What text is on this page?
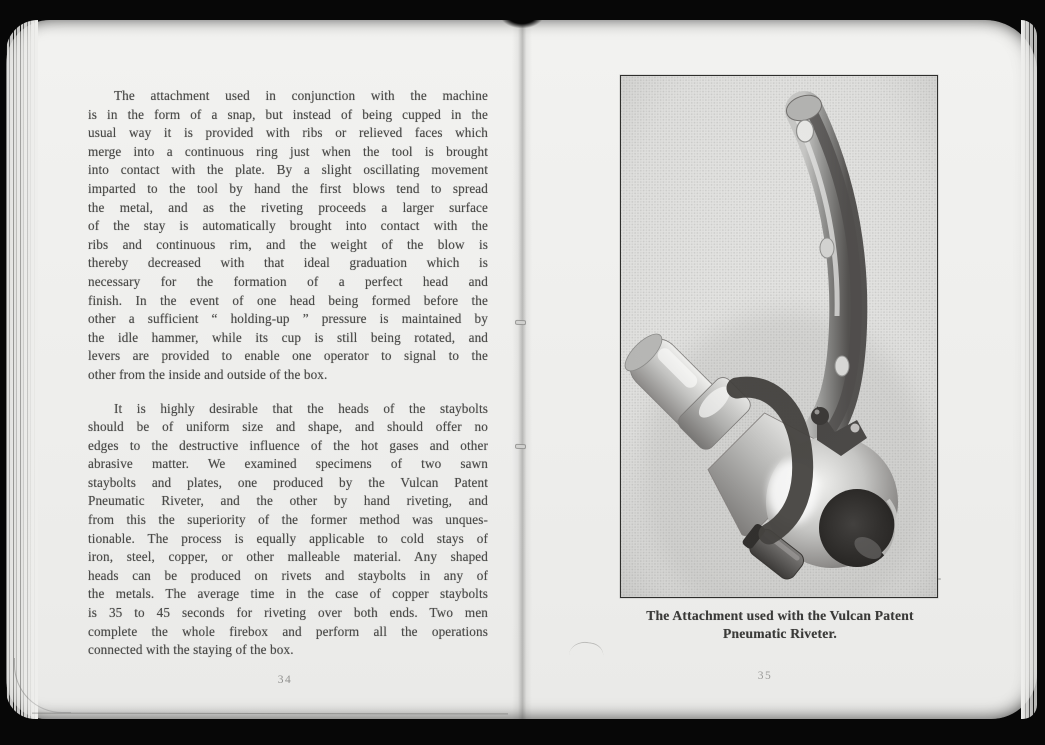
The attachment used in conjunction with the machine
is in the form of a snap, but instead of being cupped in the
usual way it is provided with ribs or relieved faces which
merge into a continuous ring just when the tool is brought
into contact with the plate. By a slight oscillating movement
imparted to the tool by hand the first blows tend to spread
the metal, and as the riveting proceeds a larger surface
of the stay is automatically brought into contact with the
ribs and continuous rim, and the weight of the blow is
thereby decreased with that ideal graduation which is
necessary for the formation of a perfect head and
finish. In the event of one head being formed before the
other a sufficient “ holding-up ” pressure is maintained by
the idle hammer, while its cup is still being rotated, and
levers are provided to enable one operator to signal to the
other from the inside and outside of the box.
It is highly desirable that the heads of the staybolts
should be of uniform size and shape, and should offer no
edges to the destructive influence of the hot gases and other
abrasive matter. We examined specimens of two sawn
staybolts and plates, one produced by the Vulcan Patent
Pneumatic Riveter, and the other by hand riveting, and
from this the superiority of the former method was unques-
tionable. The process is equally applicable to cold stays of
iron, steel, copper, or other malleable material. Any shaped
heads can be produced on rivets and staybolts in any of
the metals. The average time in the case of copper staybolts
is 35 to 45 seconds for riveting over both ends. Two men
complete the whole firebox and perform all the operations
connected with the staying of the box.
34
The Attachment used with the Vulcan Patent
Pneumatic Riveter.
35
